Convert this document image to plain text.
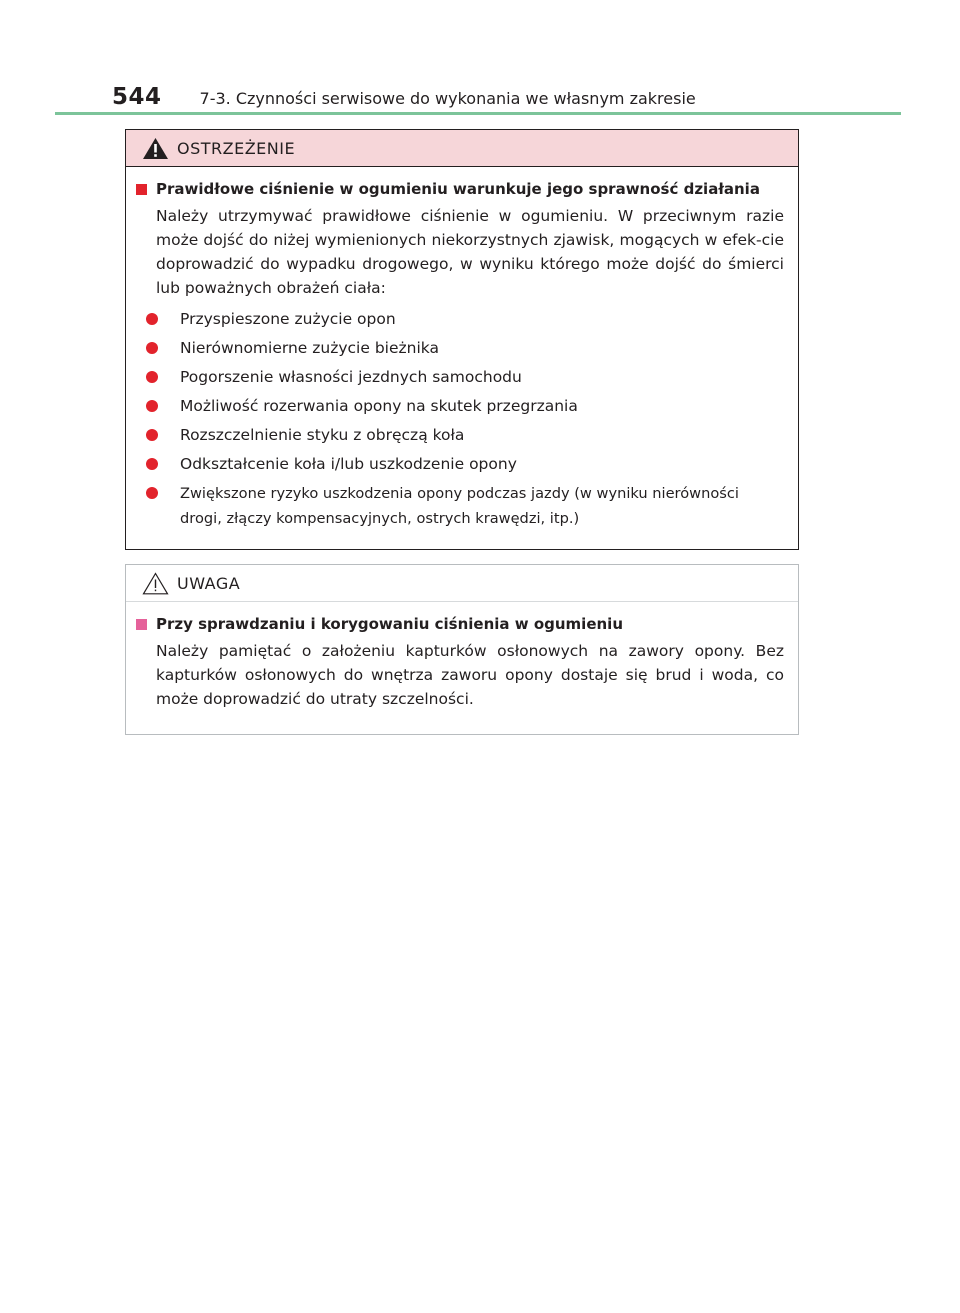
544 7-3. Czynności serwisowe do wykonania we własnym zakresie
OSTRZEŻENIE
Prawidłowe ciśnienie w ogumieniu warunkuje jego sprawność działania
Należy utrzymywać prawidłowe ciśnienie w ogumieniu. W przeciwnym razie może dojść do niżej wymienionych niekorzystnych zjawisk, mogących w efek-cie doprowadzić do wypadku drogowego, w wyniku którego może dojść do śmierci lub poważnych obrażeń ciała:
Przyspieszone zużycie opon
Nierównomierne zużycie bieżnika
Pogorszenie własności jezdnych samochodu
Możliwość rozerwania opony na skutek przegrzania
Rozszczelnienie styku z obręczą koła
Odkształcenie koła i/lub uszkodzenie opony
Zwiększone ryzyko uszkodzenia opony podczas jazdy (w wyniku nierówności drogi, złączy kompensacyjnych, ostrych krawędzi, itp.)
UWAGA
Przy sprawdzaniu i korygowaniu ciśnienia w ogumieniu
Należy pamiętać o założeniu kapturków osłonowych na zawory opony. Bez kapturków osłonowych do wnętrza zaworu opony dostaje się brud i woda, co może doprowadzić do utraty szczelności.
